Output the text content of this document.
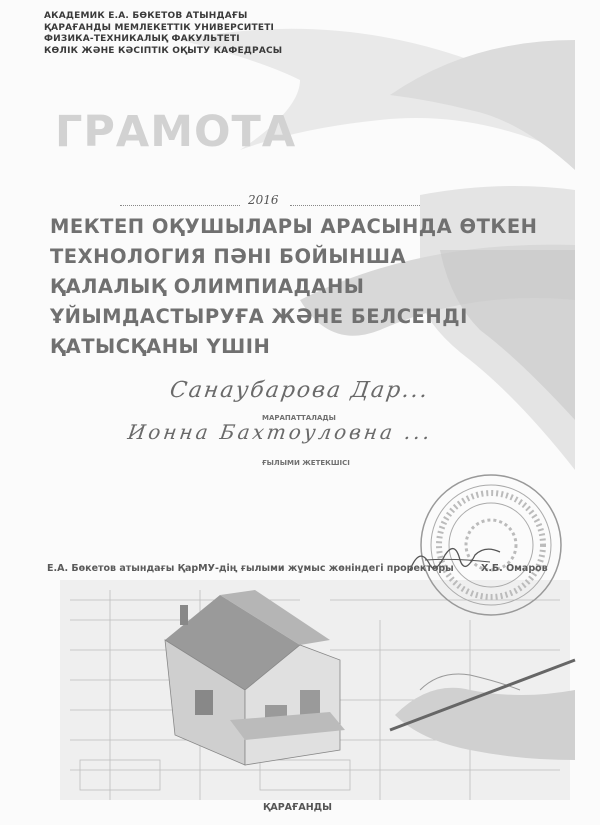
АКАДЕМИК Е.А. БӨКЕТОВ АТЫНДАҒЫ
ҚАРАҒАНДЫ МЕМЛЕКЕТТІК УНИВЕРСИТЕТІ
ФИЗИКА-ТЕХНИКАЛЫҚ ФАКУЛЬТЕТІ
КӨЛІК ЖӘНЕ КӘСІПТІК ОҚЫТУ КАФЕДРАСЫ
ГРАМОТА
2016
МЕКТЕП ОҚУШЫЛАРЫ АРАСЫНДА ӨТКЕН
ТЕХНОЛОГИЯ ПӘНІ БОЙЫНША
ҚАЛАЛЫҚ ОЛИМПИАДАНЫ
ҰЙЫМДАСТЫРУҒА ЖӘНЕ БЕЛСЕНДІ
ҚАТЫСҚАНЫ ҮШІН
Санаубарова Дар...
МАРАПАТТАЛАДЫ
Ионна Бахтоуловна ...
ҒЫЛЫМИ ЖЕТЕКШІСІ
Е.А. Бөкетов атындағы ҚарМУ-дің ғылыми жұмыс жөніндегі проректоры	Х.Б. Омаров
ҚАРАҒАНДЫ
